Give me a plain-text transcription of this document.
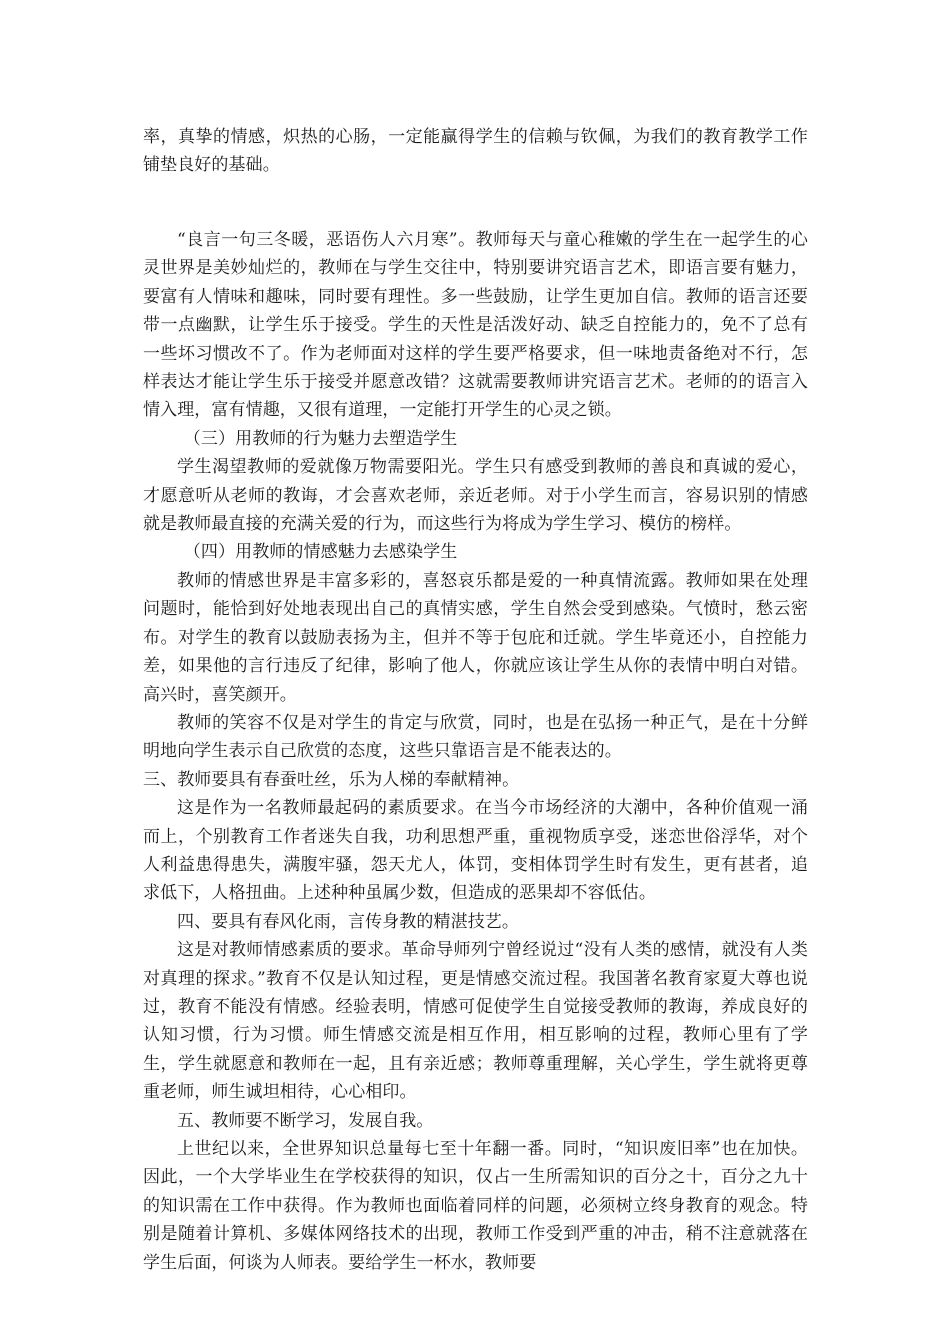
率，真挚的情感，炽热的心肠，一定能赢得学生的信赖与钦佩，为我们的教育教学工作铺垫良好的基础。

“良言一句三冬暖，恶语伤人六月寒”。教师每天与童心稚嫩的学生在一起学生的心灵世界是美妙灿烂的，教师在与学生交往中，特别要讲究语言艺术，即语言要有魅力，要富有人情味和趣味，同时要有理性。多一些鼓励，让学生更加自信。教师的语言还要带一点幽默，让学生乐于接受。学生的天性是活泼好动、缺乏自控能力的，免不了总有一些坏习惯改不了。作为老师面对这样的学生要严格要求，但一味地责备绝对不行，怎样表达才能让学生乐于接受并愿意改错？这就需要教师讲究语言艺术。老师的的语言入情入理，富有情趣，又很有道理，一定能打开学生的心灵之锁。

（三）用教师的行为魅力去塑造学生

学生渴望教师的爱就像万物需要阳光。学生只有感受到教师的善良和真诚的爱心，才愿意听从老师的教诲，才会喜欢老师，亲近老师。对于小学生而言，容易识别的情感就是教师最直接的充满关爱的行为，而这些行为将成为学生学习、模仿的榜样。

（四）用教师的情感魅力去感染学生

教师的情感世界是丰富多彩的，喜怒哀乐都是爱的一种真情流露。教师如果在处理问题时，能恰到好处地表现出自己的真情实感，学生自然会受到感染。气愤时，愁云密布。对学生的教育以鼓励表扬为主，但并不等于包庇和迁就。学生毕竟还小，自控能力差，如果他的言行违反了纪律，影响了他人，你就应该让学生从你的表情中明白对错。高兴时，喜笑颜开。

教师的笑容不仅是对学生的肯定与欣赏，同时，也是在弘扬一种正气，是在十分鲜明地向学生表示自己欣赏的态度，这些只靠语言是不能表达的。

三、教师要具有春蚕吐丝，乐为人梯的奉献精神。

这是作为一名教师最起码的素质要求。在当今市场经济的大潮中，各种价值观一涌而上，个别教育工作者迷失自我，功利思想严重，重视物质享受，迷恋世俗浮华，对个人利益患得患失，满腹牢骚，怨天尤人，体罚，变相体罚学生时有发生，更有甚者，追求低下，人格扭曲。上述种种虽属少数，但造成的恶果却不容低估。

四、要具有春风化雨，言传身教的精湛技艺。

这是对教师情感素质的要求。革命导师列宁曾经说过“没有人类的感情，就没有人类对真理的探求。”教育不仅是认知过程，更是情感交流过程。我国著名教育家夏大尊也说过，教育不能没有情感。经验表明，情感可促使学生自觉接受教师的教诲，养成良好的认知习惯，行为习惯。师生情感交流是相互作用，相互影响的过程，教师心里有了学生，学生就愿意和教师在一起，且有亲近感；教师尊重理解，关心学生，学生就将更尊重老师，师生诚坦相待，心心相印。

五、教师要不断学习，发展自我。

上世纪以来，全世界知识总量每七至十年翻一番。同时，“知识废旧率”也在加快。因此，一个大学毕业生在学校获得的知识，仅占一生所需知识的百分之十，百分之九十的知识需在工作中获得。作为教师也面临着同样的问题，必须树立终身教育的观念。特别是随着计算机、多媒体网络技术的出现，教师工作受到严重的冲击，稍不注意就落在学生后面，何谈为人师表。要给学生一杯水，教师要
